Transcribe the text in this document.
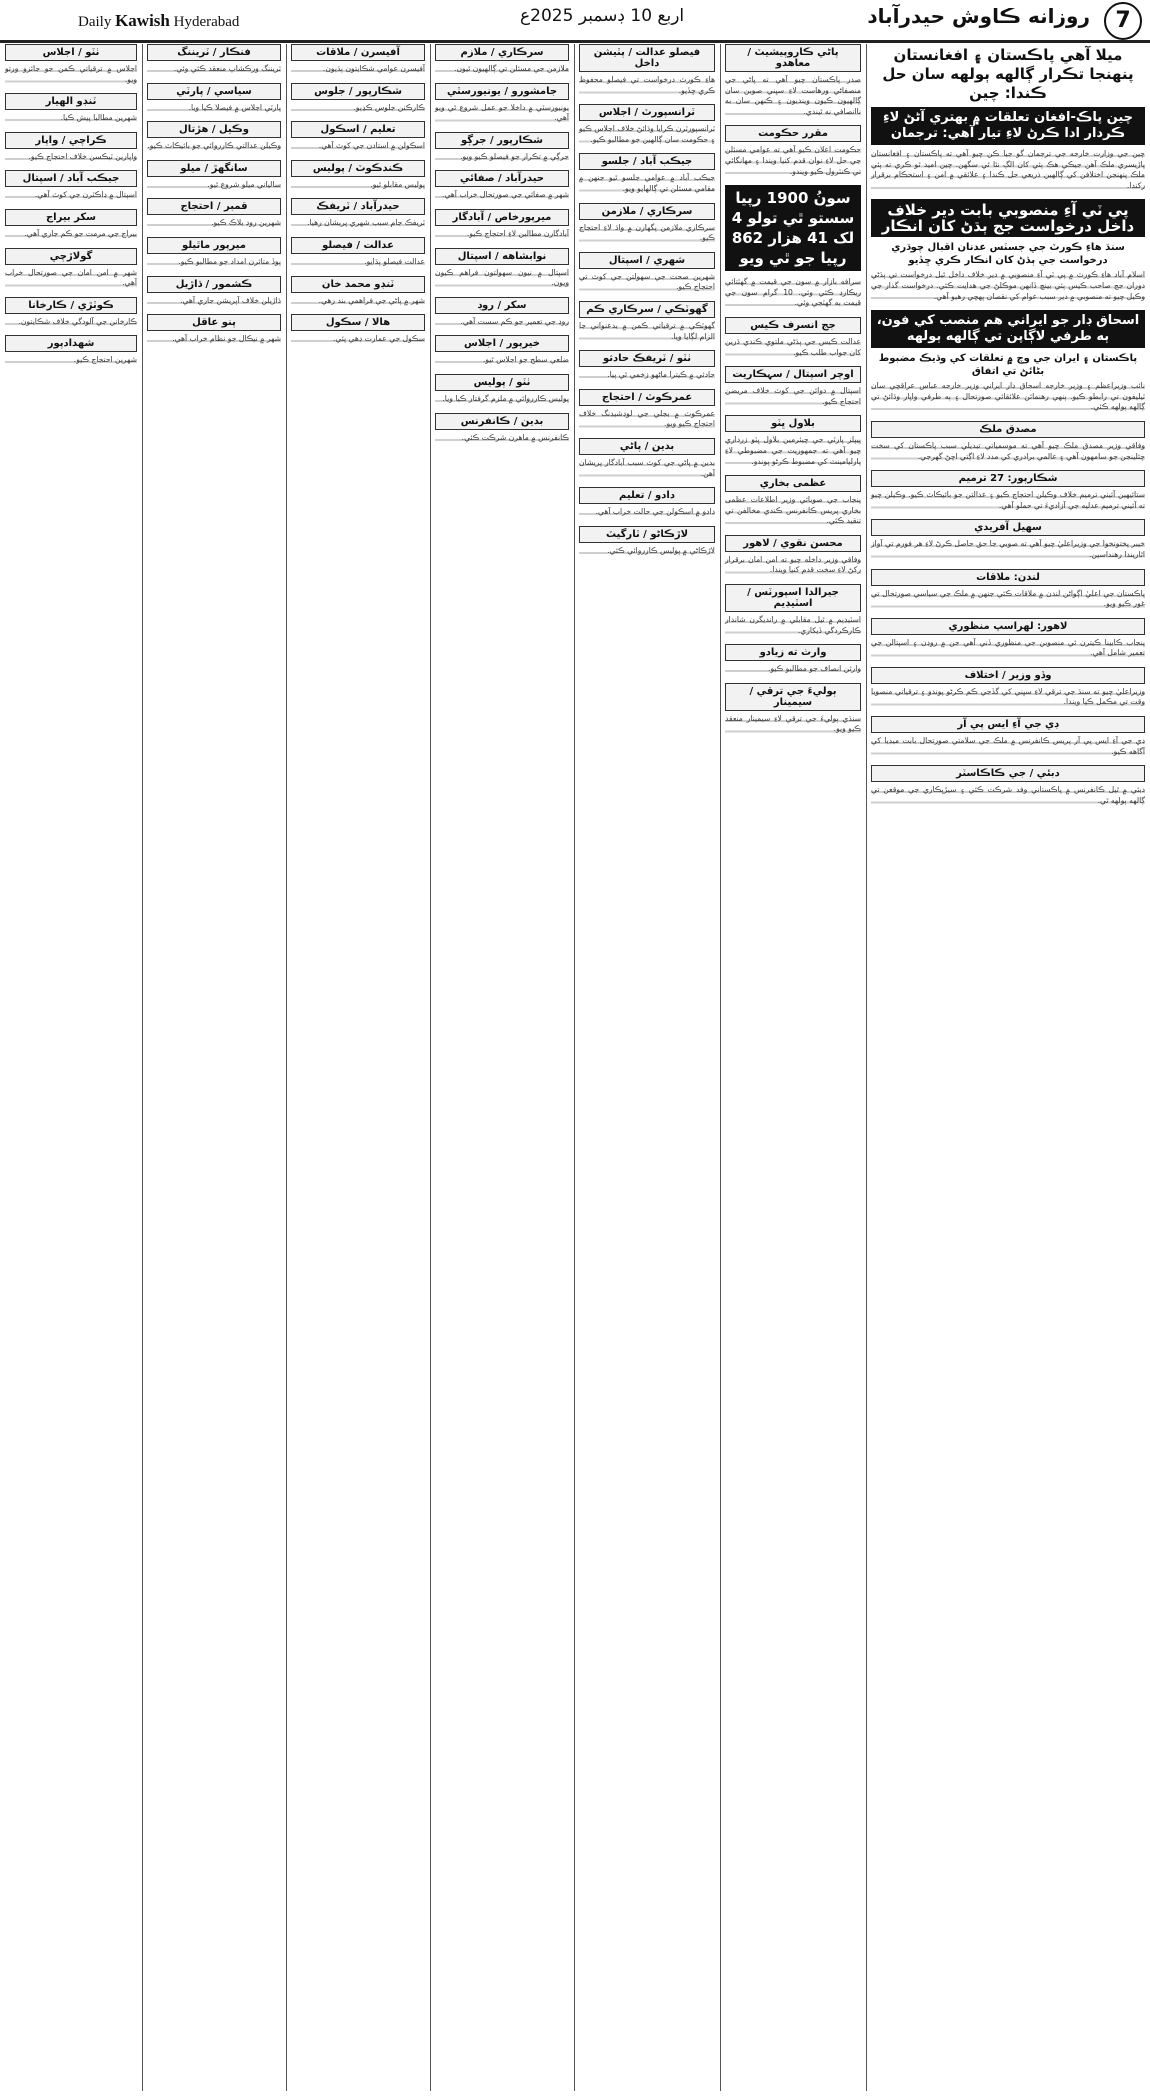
Daily Kawish Hyderabad	اربع 10 ڊسمبر 2025ع	روزانه ڪاوش حيدرآباد	7
ميلا آهي پاڪستان ۽ افغانستان پنهنجا تڪرار ڳالهه ٻولهه سان حل ڪندا: چين
چين پاڪ-افغان تعلقات ۾ بهتري آڻڻ لاءِ ڪردار ادا ڪرڻ لاءِ تيار آهي: ترجمان

چين جي وزارت خارجه جي ترجمان گو جيا ڪن چيو آهي ته پاڪستان ۽ افغانستان پاڙيسري ملڪ آهن جيڪي هڪ ٻئي کان الڳ نٿا ٿي سگهن. چين اميد ٿو ڪري ته ٻئي ملڪ پنهنجن اختلافن کي ڳالهين ذريعي حل ڪندا ۽ علائقي ۾ امن ۽ استحڪام برقرار رکندا.

پي ٽي آءِ منصوبي بابت دير خلاف داخل درخواست جج ٻڌڻ کان انڪار
سنڌ هاءِ ڪورٽ جي جسٽس عدنان اقبال چوڌري درخواست جي ٻڌڻ کان انڪار ڪري ڇڏيو

اسلام آباد هاءِ ڪورٽ ۾ پي ٽي آءِ منصوبي ۾ دير خلاف داخل ٿيل درخواست تي ٻڌڻي دوران جج صاحب ڪيس ٻئي بينچ ڏانهن موڪلڻ جي هدايت ڪئي. درخواست گذار جي وڪيل چيو ته منصوبي ۾ دير سبب عوام کي نقصان پهچي رهيو آهي.

اسحاق ڊار جو ايراني هم منصب کي فون، ٻه طرفي لاڳاپن تي ڳالهه ٻولهه
پاڪستان ۽ ايران جي وچ ۾ تعلقات کي وڌيڪ مضبوط بڻائڻ تي اتفاق

نائب وزيراعظم ۽ وزير خارجه اسحاق ڊار ايراني وزير خارجه عباس عراقچي سان ٽيليفون تي رابطو ڪيو. ٻنهي رهنمائن علائقائي صورتحال ۽ ٻه طرفي واپار وڌائڻ تي ڳالهه ٻولهه ڪئي.

مصدق ملڪ

وفاقي وزير مصدق ملڪ چيو آهي ته موسمياتي تبديلي سبب پاڪستان کي سخت چئلينجن جو سامهون آهي ۽ عالمي برادري کي مدد لاءِ اڳتي اچڻ گهرجي.

شڪارپور: 27 ترميم

ستائيهين آئيني ترميم خلاف وڪيلن احتجاج ڪيو ۽ عدالتن جو بائيڪاٽ ڪيو. وڪيلن چيو ته آئيني ترميم عدليه جي آزاديءَ تي حملو آهي.

سهيل آفريدي

خيبر پختونخوا جي وزيراعليٰ چيو آهي ته صوبي جا حق حاصل ڪرڻ لاءِ هر فورم تي آواز اٿاريندا رهنداسين.

لندن: ملاقات

پاڪستان جي اعليٰ اڳواڻن لندن ۾ ملاقات ڪئي جنهن ۾ ملڪ جي سياسي صورتحال تي غور ڪيو ويو.

لاهور: لهراسپ منظوري

پنجاب ڪابينا ڪيترن ئي منصوبن جي منظوري ڏني آهي جن ۾ روڊن ۽ اسپتالن جي تعمير شامل آهي.

وڏو وزير / اختلاف

وزيراعليٰ چيو ته سنڌ جي ترقي لاءِ سڀني کي گڏجي ڪم ڪرڻو پوندو ۽ ترقياتي منصوبا وقت تي مڪمل ڪيا ويندا.

ڊي جي آءِ ايس پي آر

ڊي جي آءِ ايس پي آر پريس ڪانفرنس ۾ ملڪ جي سلامتي صورتحال بابت ميڊيا کي آگاهه ڪيو.

دبئي / جي ڪاڪاسٽر

دبئي ۾ ٿيل ڪانفرنس ۾ پاڪستاني وفد شرڪت ڪئي ۽ سيڙپڪاري جي موقعن تي ڳالهه ٻولهه ٿي.

پاڻي ڪاروپيشيٽ / معاهدو

صدر پاڪستان چيو آهي ته پاڻي جي منصفاڻي ورهاست لاءِ سڀني صوبن سان ڳالهيون ڪيون وينديون ۽ ڪنهن سان به ناانصافي نه ٿيندي.

مقرر حڪومت

حڪومت اعلان ڪيو آهي ته عوامي مسئلن جي حل لاءِ نوان قدم کنيا ويندا ۽ مهانگائي تي ڪنٽرول ڪيو ويندو.

سونُ 1900 رپيا سستو ٿي تولو 4 لک 41 هزار 862 رپيا جو ٿي ويو

سرافه بازار ۾ سون جي قيمت ۾ گهٽتائي ريڪارڊ ڪئي وئي. 10 گرام سون جي قيمت به گهٽجي وئي.

جج انسرف ڪيس

عدالت ڪيس جي ٻڌڻي ملتوي ڪندي ڌرين کان جواب طلب ڪيو.

اوچر اسپتال / سہڪاريت

اسپتال ۾ دوائن جي کوٽ خلاف مريضن احتجاج ڪيو.

بلاول ڀٽو

پيپلز پارٽي جي چيئرمين بلاول ڀٽو زرداري چيو آهي ته جمهوريت جي مضبوطي لاءِ پارليامينٽ کي مضبوط ڪرڻو پوندو.

عظمى بخاري

پنجاب جي صوبائي وزير اطلاعات عظمى بخاري پريس ڪانفرنس ڪندي مخالفن تي تنقيد ڪئي.

محسن نقوي / لاهور

وفاقي وزير داخله چيو ته امن امان برقرار رکڻ لاءِ سخت قدم کنيا ويندا.

جيرالدا اسپورٽس / اسٽيڊيم

اسٽيڊيم ۾ ٿيل مقابلي ۾ رانديگرن شاندار ڪارڪردگي ڏيکاري.

وارث ته زيادو

وارثن انصاف جو مطالبو ڪيو.

ٻوليءَ جي ترقي / سيمينار

سنڌي ٻوليءَ جي ترقي لاءِ سيمينار منعقد ڪيو ويو.

فيصلو عدالت / پٽيشن داخل

هاءِ ڪورٽ درخواست تي فيصلو محفوظ ڪري ڇڏيو.

ٽرانسپورٽ / اجلاس

ٽرانسپورٽرن ڪرايا وڌائڻ خلاف اجلاس ڪيو ۽ حڪومت سان ڳالهين جو مطالبو ڪيو.

جيڪب آباد / جلسو

جيڪب آباد ۾ عوامي جلسو ٿيو جنهن ۾ مقامي مسئلن تي ڳالهايو ويو.

سرڪاري / ملازمن

سرڪاري ملازمن پگهارن ۾ واڌ لاءِ احتجاج ڪيو.

شهري / اسپتال

شهرين صحت جي سهولتن جي کوٽ تي احتجاج ڪيو.

گهوٽڪي / سرڪاري ڪم

گهوٽڪي ۾ ترقياتي ڪمن ۾ بدعنواني جا الزام لڳايا ويا.

ٺٽو / ٽريفڪ حادثو

حادثي ۾ ڪيترا ماڻهو زخمي ٿي پيا.

عمرڪوٽ / احتجاج

عمرڪوٽ ۾ بجلي جي لوڊشيڊنگ خلاف احتجاج ڪيو ويو.

بدين / پاڻي

بدين ۾ پاڻي جي کوٽ سبب آبادگار پريشان آهن.

دادو / تعليم

دادو ۾ اسڪولن جي حالت خراب آهي.

لاڙڪاڻو / ٽارگيٽ

لاڙڪاڻي ۾ پوليس ڪارروائي ڪئي.

سرڪاري / ملازم

ملازمن جي مسئلن تي ڳالهيون ٿيون.

جامشورو / يونيورسٽي

يونيورسٽي ۾ داخلا جو عمل شروع ٿي ويو آهي.

شڪارپور / جرڳو

جرڳي ۾ تڪرار جو فيصلو ڪيو ويو.

حيدرآباد / صفائي

شهر ۾ صفائي جي صورتحال خراب آهي.

ميرپورخاص / آبادگار

آبادگارن مطالبن لاءِ احتجاج ڪيو.

نوابشاهه / اسپتال

اسپتال ۾ نيون سهولتون فراهم ڪيون ويون.

سکر / روڊ

روڊ جي تعمير جو ڪم سست آهي.

خيرپور / اجلاس

ضلعي سطح جو اجلاس ٿيو.

ٺٽو / پوليس

پوليس ڪارروائي ۾ ملزم گرفتار ڪيا ويا.

بدين / ڪانفرنس

ڪانفرنس ۾ ماهرن شرڪت ڪئي.

آفيسرن / ملاقات

آفيسرن عوامي شڪايتون ٻڌيون.

شڪارپور / جلوس

ڪارڪنن جلوس ڪڍيو.

تعليم / اسڪول

اسڪولن ۾ استادن جي کوٽ آهي.

ڪندڪوٽ / پوليس

پوليس مقابلو ٿيو.

حيدرآباد / ٽريفڪ

ٽريفڪ جام سبب شهري پريشان رهيا.

عدالت / فيصلو

عدالت فيصلو ٻڌايو.

ٽنڊو محمد خان

شهر ۾ پاڻي جي فراهمي بند رهي.

هالا / سڪول

سڪول جي عمارت ڊهي پئي.

فنڪار / ٽريننگ

ٽريننگ ورڪشاپ منعقد ڪئي وئي.

سياسي / پارٽي

پارٽي اجلاس ۾ فيصلا ڪيا ويا.

وڪيل / هڙتال

وڪيلن عدالتي ڪارروائي جو بائيڪاٽ ڪيو.

سانگهڙ / ميلو

سالياني ميلو شروع ٿيو.

قمبر / احتجاج

شهرين روڊ بلاڪ ڪيو.

ميرپور ماٿيلو

ٻوڏ متاثرن امداد جو مطالبو ڪيو.

ڪشمور / ڌاڙيل

ڌاڙيلن خلاف آپريشن جاري آهي.

پنو عاقل

شهر ۾ نيڪال جو نظام خراب آهي.

ٺٽو / اجلاس

اجلاس ۾ ترقياتي ڪمن جو جائزو ورتو ويو.

ٽنڊو الهيار

شهرين مطالبا پيش ڪيا.

ڪراچي / واپار

واپارين ٽيڪسن خلاف احتجاج ڪيو.

جيڪب آباد / اسپتال

اسپتال ۾ ڊاڪٽرن جي کوٽ آهي.

سکر بيراج

بيراج جي مرمت جو ڪم جاري آهي.

گولاڙچي

شهر ۾ امن امان جي صورتحال خراب آهي.

ڪوٽڙي / ڪارخانا

ڪارخانن جي آلودگي خلاف شڪايتون.

شهدادپور

شهرين احتجاج ڪيو.
